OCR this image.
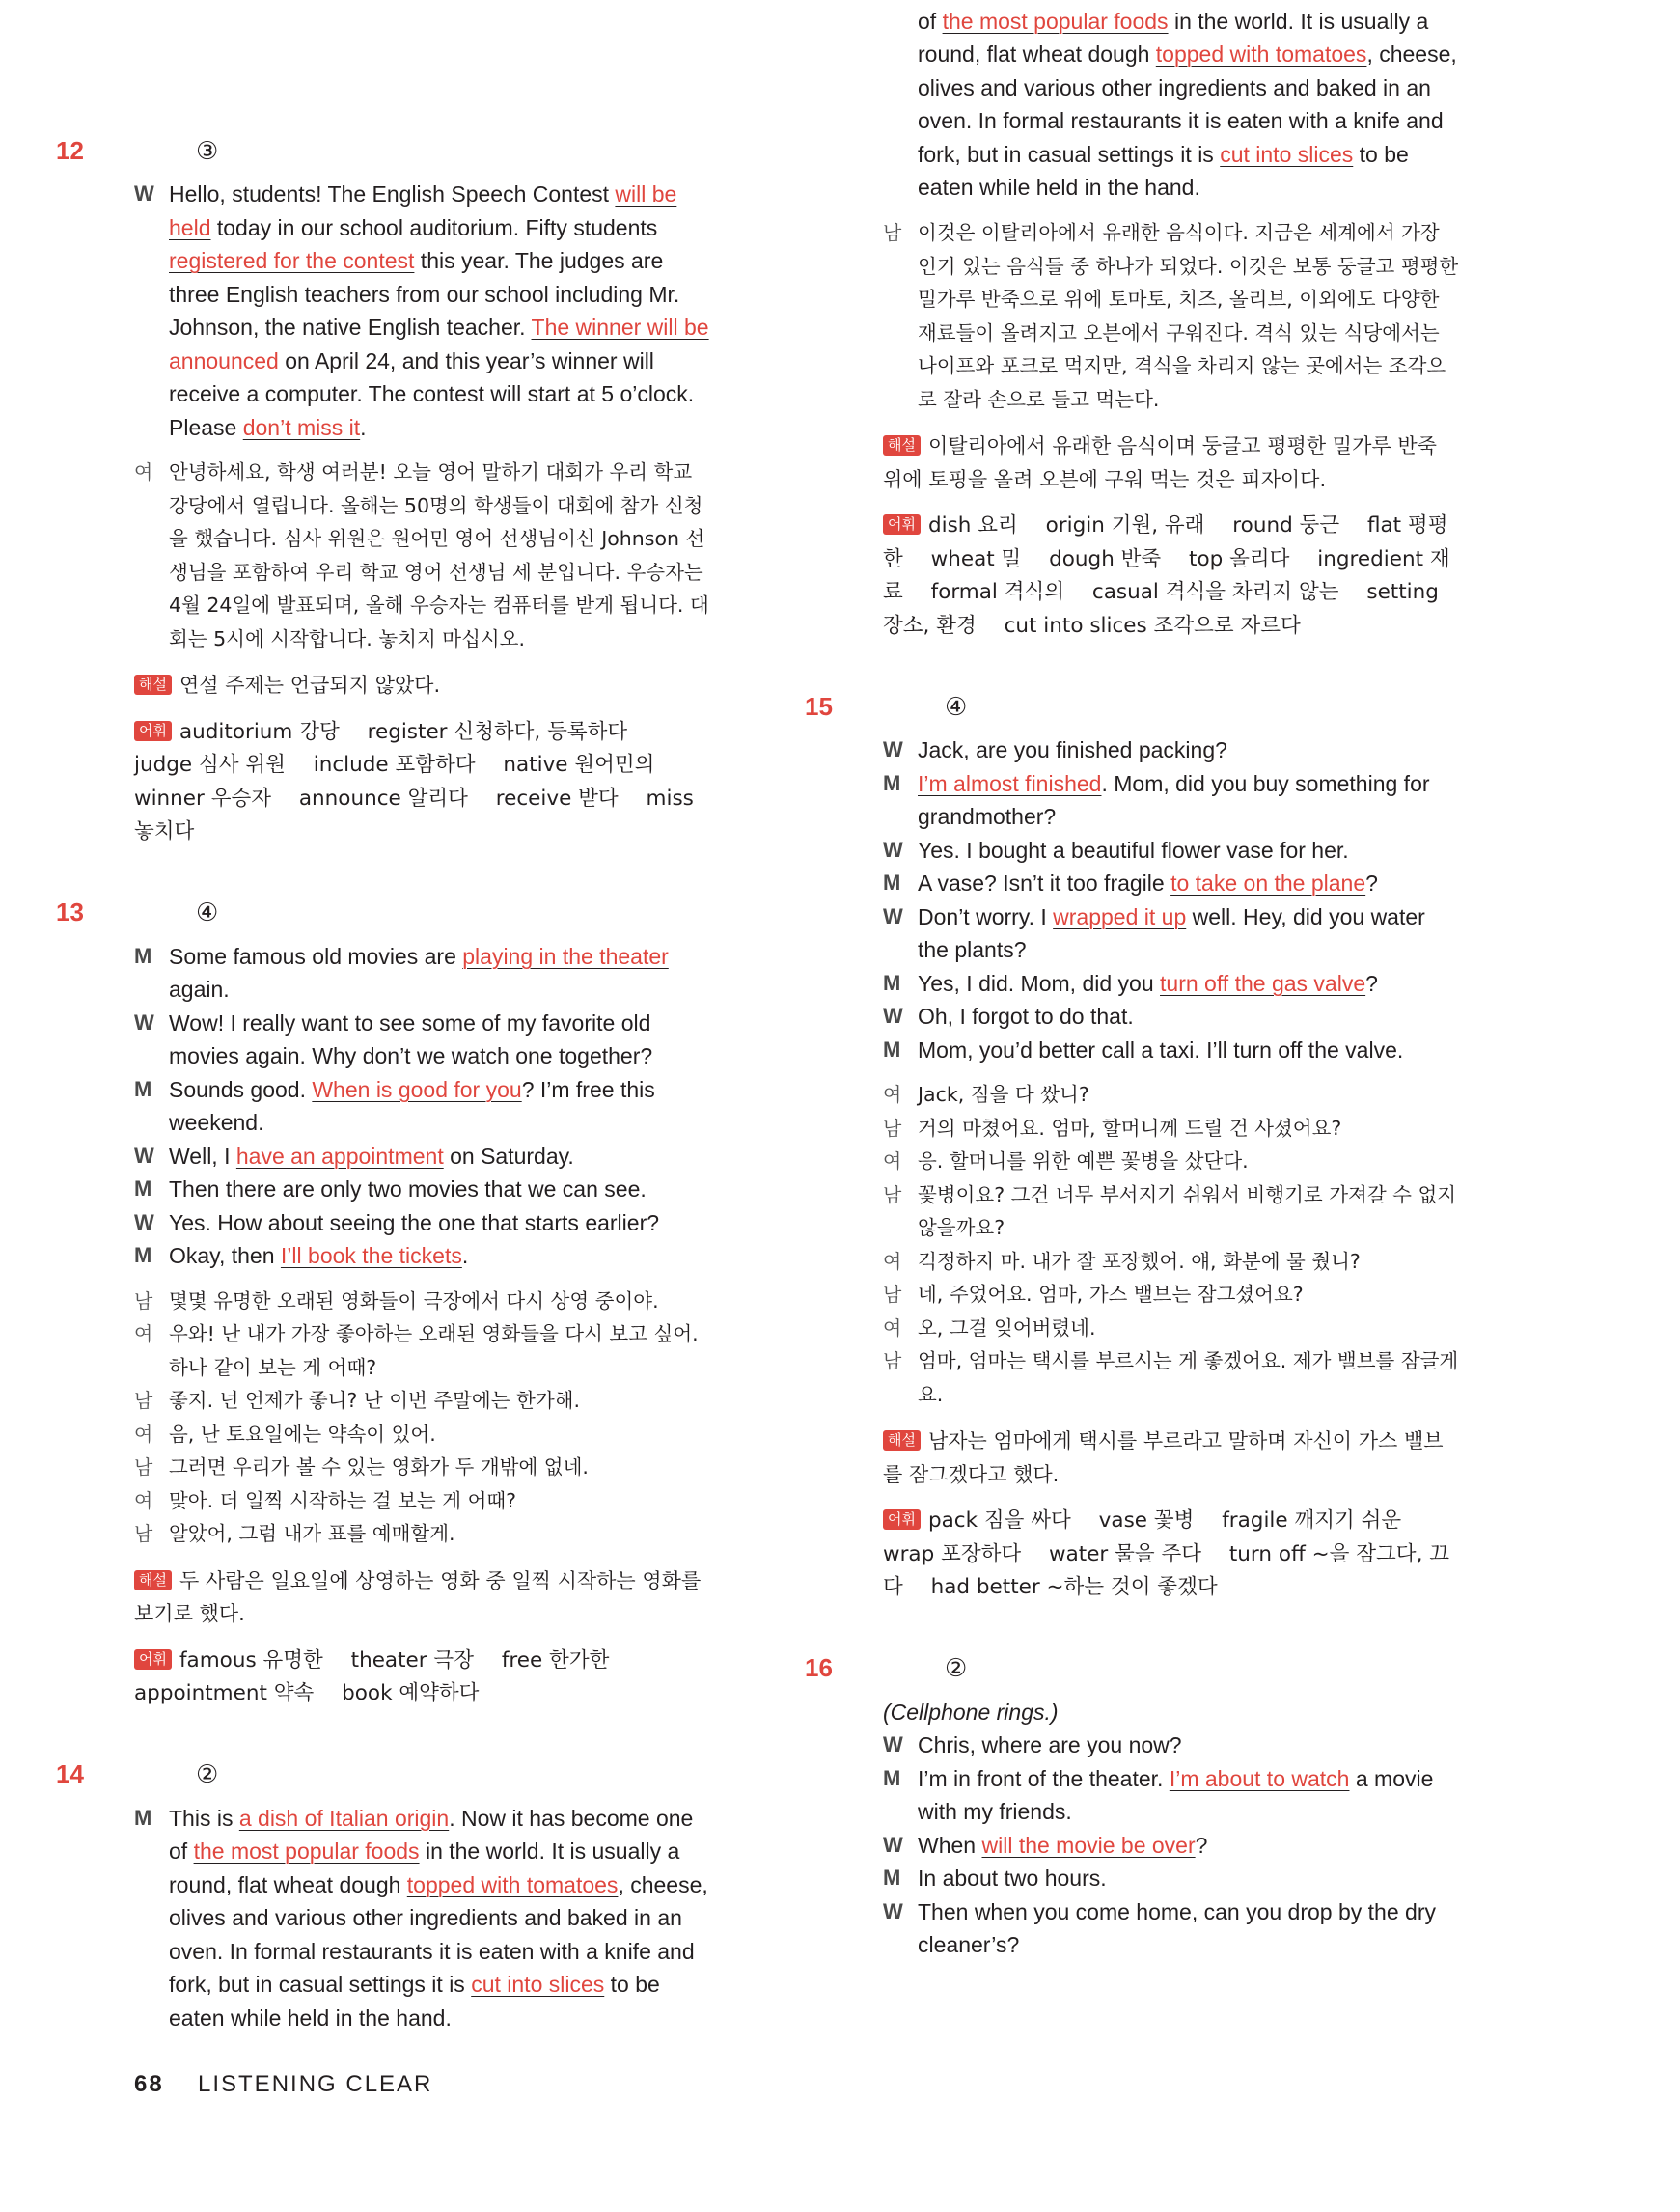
12	③
W Hello, students! The English Speech Contest will be held today in our school auditorium. Fifty students registered for the contest this year. The judges are three English teachers from our school including Mr. Johnson, the native English teacher. The winner will be announced on April 24, and this year’s winner will receive a computer. The contest will start at 5 o’clock. Please don’t miss it.
여 안녕하세요, 학생 여러분! 오늘 영어 말하기 대회가 우리 학교 강당에서 열립니다. 올해는 50명의 학생들이 대회에 참가 신청을 했습니다. 심사 위원은 원어민 영어 선생님이신 Johnson 선생님을 포함하여 우리 학교 영어 선생님 세 분입니다. 우승자는 4월 24일에 발표되며, 올해 우승자는 컴퓨터를 받게 됩니다. 대회는 5시에 시작합니다. 놓치지 마십시오.
해설 연설 주제는 언급되지 않았다.
어휘 auditorium 강당 register 신청하다, 등록하다 judge 심사 위원 include 포함하다 native 원어민의 winner 우승자 announce 알리다 receive 받다 miss 놓치다
13	④
M Some famous old movies are playing in the theater again.
W Wow! I really want to see some of my favorite old movies again. Why don’t we watch one together?
M Sounds good. When is good for you? I’m free this weekend.
W Well, I have an appointment on Saturday.
M Then there are only two movies that we can see.
W Yes. How about seeing the one that starts earlier?
M Okay, then I’ll book the tickets.
남 몇몇 유명한 오래된 영화들이 극장에서 다시 상영 중이야.
여 우와! 난 내가 가장 좋아하는 오래된 영화들을 다시 보고 싶어. 하나 같이 보는 게 어때?
남 좋지. 넌 언제가 좋니? 난 이번 주말에는 한가해.
여 음, 난 토요일에는 약속이 있어.
남 그러면 우리가 볼 수 있는 영화가 두 개밖에 없네.
여 맞아. 더 일찍 시작하는 걸 보는 게 어때?
남 알았어, 그럼 내가 표를 예매할게.
해설 두 사람은 일요일에 상영하는 영화 중 일찍 시작하는 영화를 보기로 했다.
어휘 famous 유명한 theater 극장 free 한가한 appointment 약속 book 예약하다
14	②
M This is a dish of Italian origin. Now it has become one of the most popular foods in the world. It is usually a round, flat wheat dough topped with tomatoes, cheese, olives and various other ingredients and baked in an oven. In formal restaurants it is eaten with a knife and fork, but in casual settings it is cut into slices to be eaten while held in the hand.
of the most popular foods in the world. It is usually a round, flat wheat dough topped with tomatoes, cheese, olives and various other ingredients and baked in an oven. In formal restaurants it is eaten with a knife and fork, but in casual settings it is cut into slices to be eaten while held in the hand.
남 이것은 이탈리아에서 유래한 음식이다. 지금은 세계에서 가장 인기 있는 음식들 중 하나가 되었다. 이것은 보통 둥글고 평평한 밀가루 반죽으로 위에 토마토, 치즈, 올리브, 이외에도 다양한 재료들이 올려지고 오븐에서 구워진다. 격식 있는 식당에서는 나이프와 포크로 먹지만, 격식을 차리지 않는 곳에서는 조각으로 잘라 손으로 들고 먹는다.
해설 이탈리아에서 유래한 음식이며 둥글고 평평한 밀가루 반죽 위에 토핑을 올려 오븐에 구워 먹는 것은 피자이다.
어휘 dish 요리 origin 기원, 유래 round 둥근 flat 평평한 wheat 밀 dough 반죽 top 올리다 ingredient 재료 formal 격식의 casual 격식을 차리지 않는 setting 장소, 환경 cut into slices 조각으로 자르다
15	④
W Jack, are you finished packing?
M I’m almost finished. Mom, did you buy something for grandmother?
W Yes. I bought a beautiful flower vase for her.
M A vase? Isn’t it too fragile to take on the plane?
W Don’t worry. I wrapped it up well. Hey, did you water the plants?
M Yes, I did. Mom, did you turn off the gas valve?
W Oh, I forgot to do that.
M Mom, you’d better call a taxi. I’ll turn off the valve.
여 Jack, 짐을 다 쌌니?
남 거의 마쳤어요. 엄마, 할머니께 드릴 건 사셨어요?
여 응. 할머니를 위한 예쁜 꽃병을 샀단다.
남 꽃병이요? 그건 너무 부서지기 쉬워서 비행기로 가져갈 수 없지 않을까요?
여 걱정하지 마. 내가 잘 포장했어. 얘, 화분에 물 줬니?
남 네, 주었어요. 엄마, 가스 밸브는 잠그셨어요?
여 오, 그걸 잊어버렸네.
남 엄마, 엄마는 택시를 부르시는 게 좋겠어요. 제가 밸브를 잠글게요.
해설 남자는 엄마에게 택시를 부르라고 말하며 자신이 가스 밸브를 잠그겠다고 했다.
어휘 pack 짐을 싸다 vase 꽃병 fragile 깨지기 쉬운 wrap 포장하다 water 물을 주다 turn off ~을 잠그다, 끄다 had better ~하는 것이 좋겠다
16	②
(Cellphone rings.)
W Chris, where are you now?
M I’m in front of the theater. I’m about to watch a movie with my friends.
W When will the movie be over?
M In about two hours.
W Then when you come home, can you drop by the dry cleaner’s?
68 LISTENING CLEAR
